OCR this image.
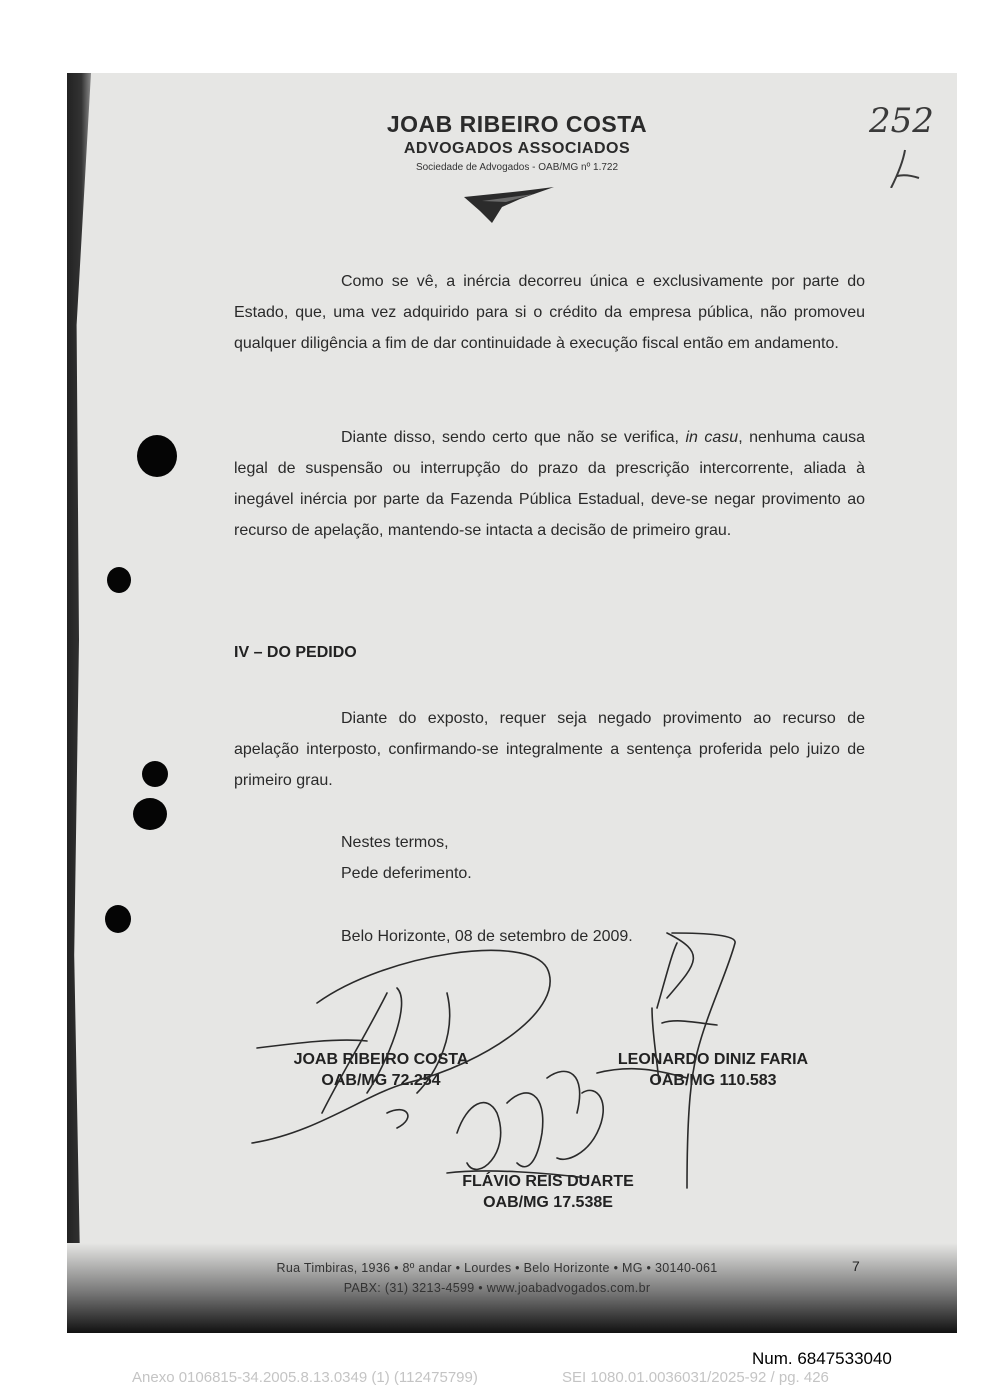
JOAB RIBEIRO COSTA
ADVOGADOS ASSOCIADOS
Sociedade de Advogados - OAB/MG nº 1.722
252
Como se vê, a inércia decorreu única e exclusivamente por parte do Estado, que, uma vez adquirido para si o crédito da empresa pública, não promoveu qualquer diligência a fim de dar continuidade à execução fiscal então em andamento.
Diante disso, sendo certo que não se verifica, in casu, nenhuma causa legal de suspensão ou interrupção do prazo da prescrição intercorrente, aliada à inegável inércia por parte da Fazenda Pública Estadual, deve-se negar provimento ao recurso de apelação, mantendo-se intacta a decisão de primeiro grau.
IV – DO PEDIDO
Diante do exposto, requer seja negado provimento ao recurso de apelação interposto, confirmando-se integralmente a sentença proferida pelo juizo de primeiro grau.
Nestes termos,
Pede deferimento.
Belo Horizonte, 08 de setembro de 2009.
JOAB RIBEIRO COSTA
OAB/MG 72.254
LEONARDO DINIZ FARIA
OAB/MG 110.583
FLÁVIO REIS DUARTE
OAB/MG 17.538E
Rua Timbiras, 1936 • 8º andar • Lourdes • Belo Horizonte • MG • 30140-061
PABX: (31) 3213-4599 • www.joabadvogados.com.br
7
Num. 6847533040
Anexo 0106815-34.2005.8.13.0349 (1) (112475799)	SEI 1080.01.0036031/2025-92 / pg. 426
